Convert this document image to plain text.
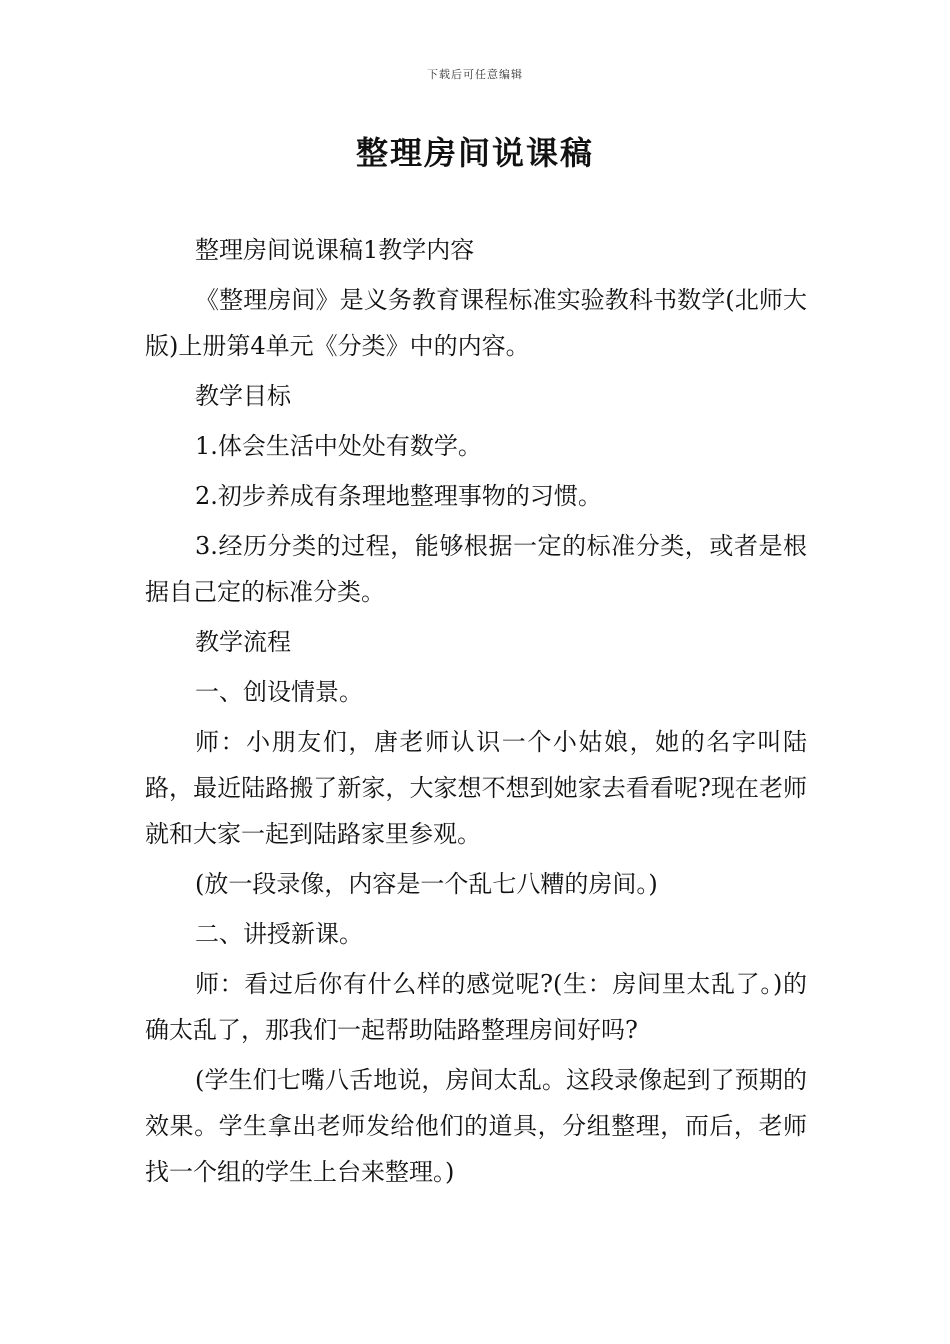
下载后可任意编辑
整理房间说课稿

整理房间说课稿1教学内容

《整理房间》是义务教育课程标准实验教科书数学(北师大版)上册第4单元《分类》中的内容。

教学目标

1.体会生活中处处有数学。

2.初步养成有条理地整理事物的习惯。

3.经历分类的过程，能够根据一定的标准分类，或者是根据自己定的标准分类。

教学流程

一、创设情景。

师：小朋友们，唐老师认识一个小姑娘，她的名字叫陆路，最近陆路搬了新家，大家想不想到她家去看看呢?现在老师就和大家一起到陆路家里参观。

(放一段录像，内容是一个乱七八糟的房间。)

二、讲授新课。

师：看过后你有什么样的感觉呢?(生：房间里太乱了。)的确太乱了，那我们一起帮助陆路整理房间好吗?

(学生们七嘴八舌地说，房间太乱。这段录像起到了预期的效果。学生拿出老师发给他们的道具，分组整理，而后，老师找一个组的学生上台来整理。)
